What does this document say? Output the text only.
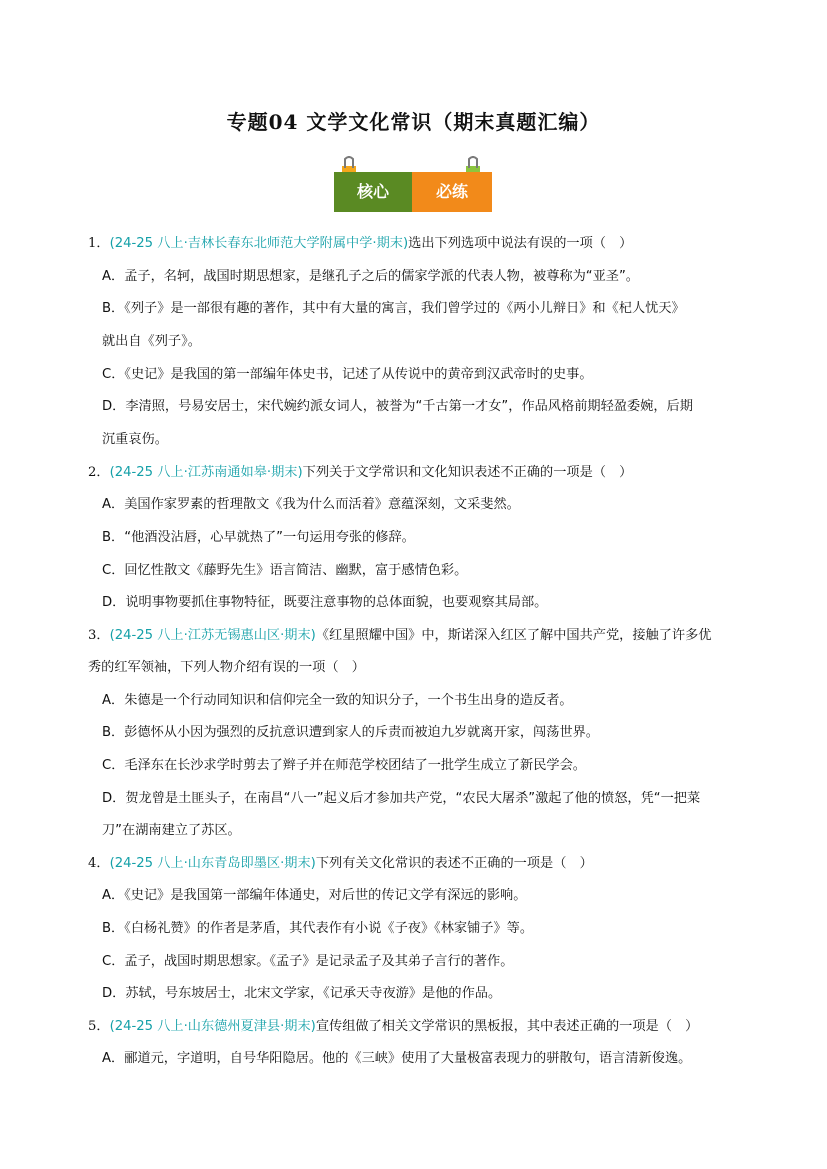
专题04 文学文化常识（期末真题汇编）
核心	必练
1．(24-25 八上·吉林长春东北师范大学附属中学·期末)选出下列选项中说法有误的一项（　）
A．孟子，名轲，战国时期思想家，是继孔子之后的儒家学派的代表人物，被尊称为“亚圣”。
B．《列子》是一部很有趣的著作，其中有大量的寓言，我们曾学过的《两小儿辩日》和《杞人忧天》
就出自《列子》。
C．《史记》是我国的第一部编年体史书，记述了从传说中的黄帝到汉武帝时的史事。
D．李清照，号易安居士，宋代婉约派女词人，被誉为“千古第一才女”，作品风格前期轻盈委婉，后期
沉重哀伤。
2．(24-25 八上·江苏南通如皋·期末)下列关于文学常识和文化知识表述不正确的一项是（　）
A．美国作家罗素的哲理散文《我为什么而活着》意蕴深刻，文采斐然。
B．“他酒没沾唇，心早就热了”一句运用夸张的修辞。
C．回忆性散文《藤野先生》语言简洁、幽默，富于感情色彩。
D．说明事物要抓住事物特征，既要注意事物的总体面貌，也要观察其局部。
3．(24-25 八上·江苏无锡惠山区·期末)《红星照耀中国》中，斯诺深入红区了解中国共产党，接触了许多优
秀的红军领袖，下列人物介绍有误的一项（　）
A．朱德是一个行动同知识和信仰完全一致的知识分子，一个书生出身的造反者。
B．彭德怀从小因为强烈的反抗意识遭到家人的斥责而被迫九岁就离开家，闯荡世界。
C．毛泽东在长沙求学时剪去了辫子并在师范学校团结了一批学生成立了新民学会。
D．贺龙曾是土匪头子，在南昌“八一”起义后才参加共产党，“农民大屠杀”激起了他的愤怒，凭“一把菜
刀”在湖南建立了苏区。
4．(24-25 八上·山东青岛即墨区·期末)下列有关文化常识的表述不正确的一项是（　）
A．《史记》是我国第一部编年体通史，对后世的传记文学有深远的影响。
B．《白杨礼赞》的作者是茅盾，其代表作有小说《子夜》《林家铺子》等。
C．孟子，战国时期思想家。《孟子》是记录孟子及其弟子言行的著作。
D．苏轼，号东坡居士，北宋文学家，《记承天寺夜游》是他的作品。
5．(24-25 八上·山东德州夏津县·期末)宣传组做了相关文学常识的黑板报，其中表述正确的一项是（　）
A．郦道元，字道明，自号华阳隐居。他的《三峡》使用了大量极富表现力的骈散句，语言清新俊逸。
